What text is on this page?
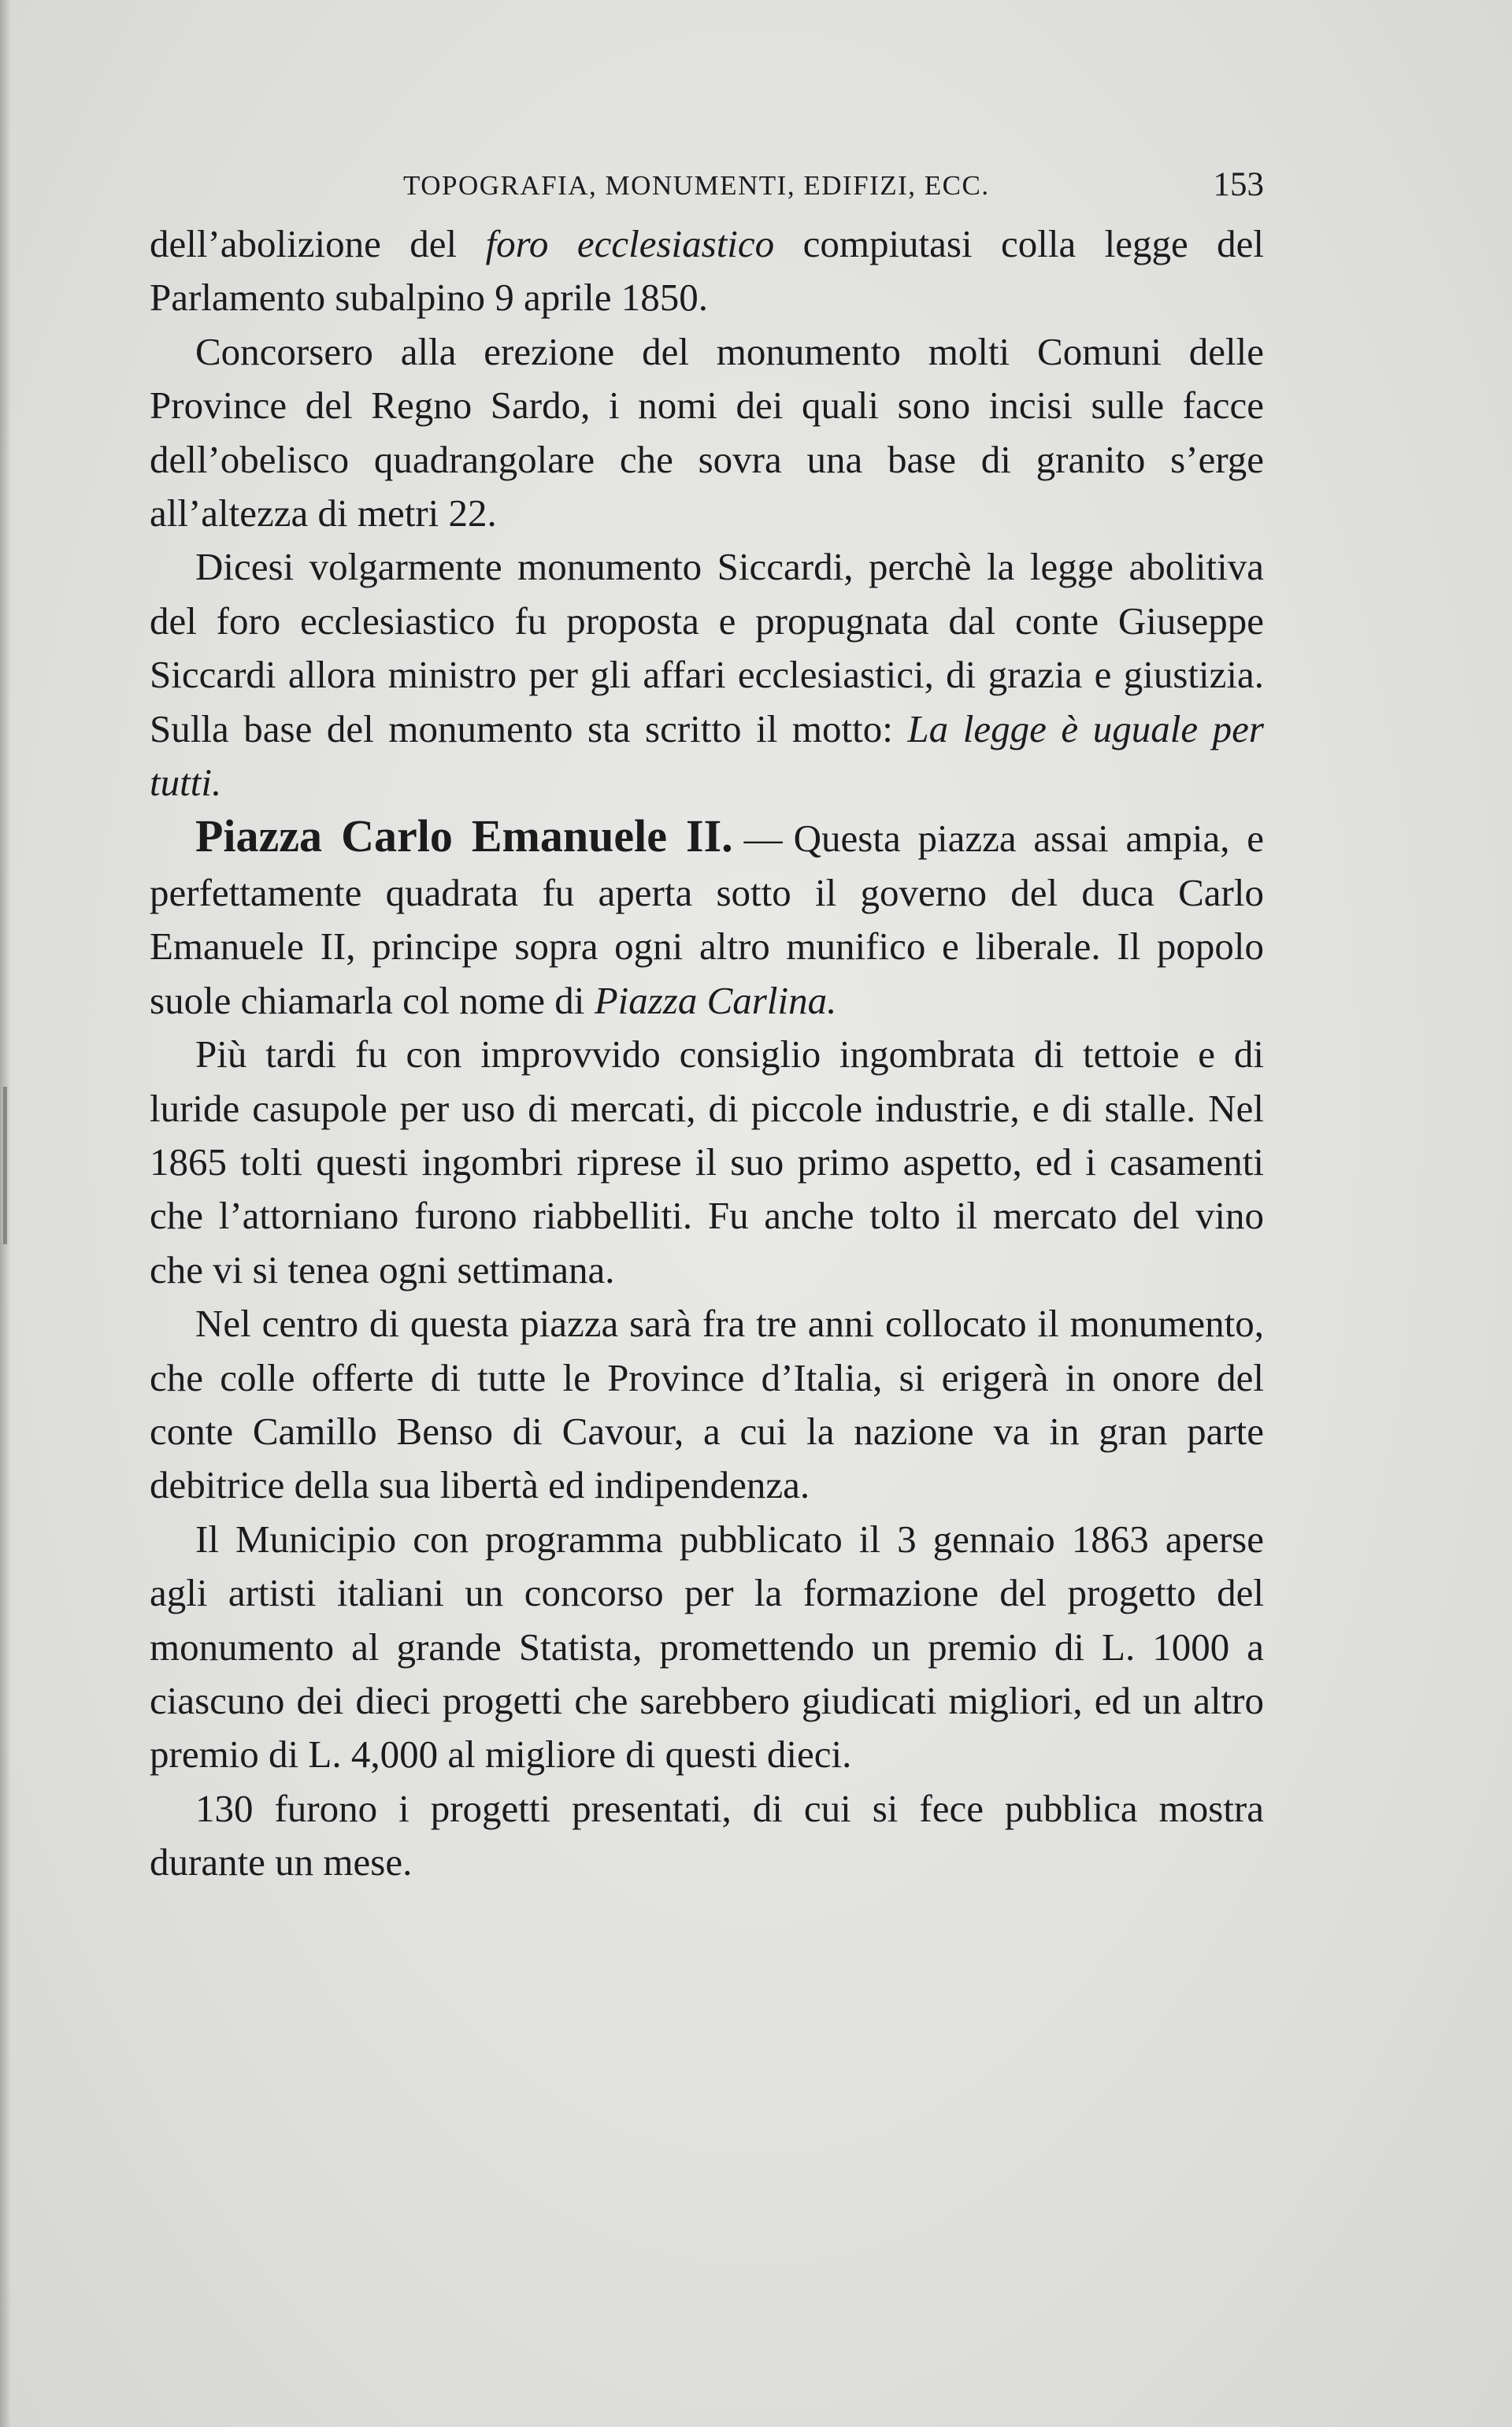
TOPOGRAFIA, MONUMENTI, EDIFIZI, ECC.	153

dell’abolizione del foro ecclesiastico compiutasi colla legge del Parlamento subalpino 9 aprile 1850.

Concorsero alla erezione del monumento molti Comuni delle Province del Regno Sardo, i nomi dei quali sono incisi sulle facce dell’obelisco quadrangolare che sovra una base di granito s’erge all’altezza di metri 22.

Dicesi volgarmente monumento Siccardi, perchè la legge abolitiva del foro ecclesiastico fu proposta e propugnata dal conte Giuseppe Siccardi allora ministro per gli affari ecclesiastici, di grazia e giustizia. Sulla base del monumento sta scritto il motto: La legge è uguale per tutti.

Piazza Carlo Emanuele II. — Questa piazza assai ampia, e perfettamente quadrata fu aperta sotto il governo del duca Carlo Emanuele II, principe sopra ogni altro munifico e liberale. Il popolo suole chiamarla col nome di Piazza Carlina.

Più tardi fu con improvvido consiglio ingombrata di tettoie e di luride casupole per uso di mercati, di piccole industrie, e di stalle. Nel 1865 tolti questi ingombri riprese il suo primo aspetto, ed i casamenti che l’attorniano furono riabbelliti. Fu anche tolto il mercato del vino che vi si tenea ogni settimana.

Nel centro di questa piazza sarà fra tre anni collocato il monumento, che colle offerte di tutte le Province d’Italia, si erigerà in onore del conte Camillo Benso di Cavour, a cui la nazione va in gran parte debitrice della sua libertà ed indipendenza.

Il Municipio con programma pubblicato il 3 gennaio 1863 aperse agli artisti italiani un concorso per la formazione del progetto del monumento al grande Statista, promettendo un premio di L. 1000 a ciascuno dei dieci progetti che sarebbero giudicati migliori, ed un altro premio di L. 4,000 al migliore di questi dieci.

130 furono i progetti presentati, di cui si fece pubblica mostra durante un mese.
